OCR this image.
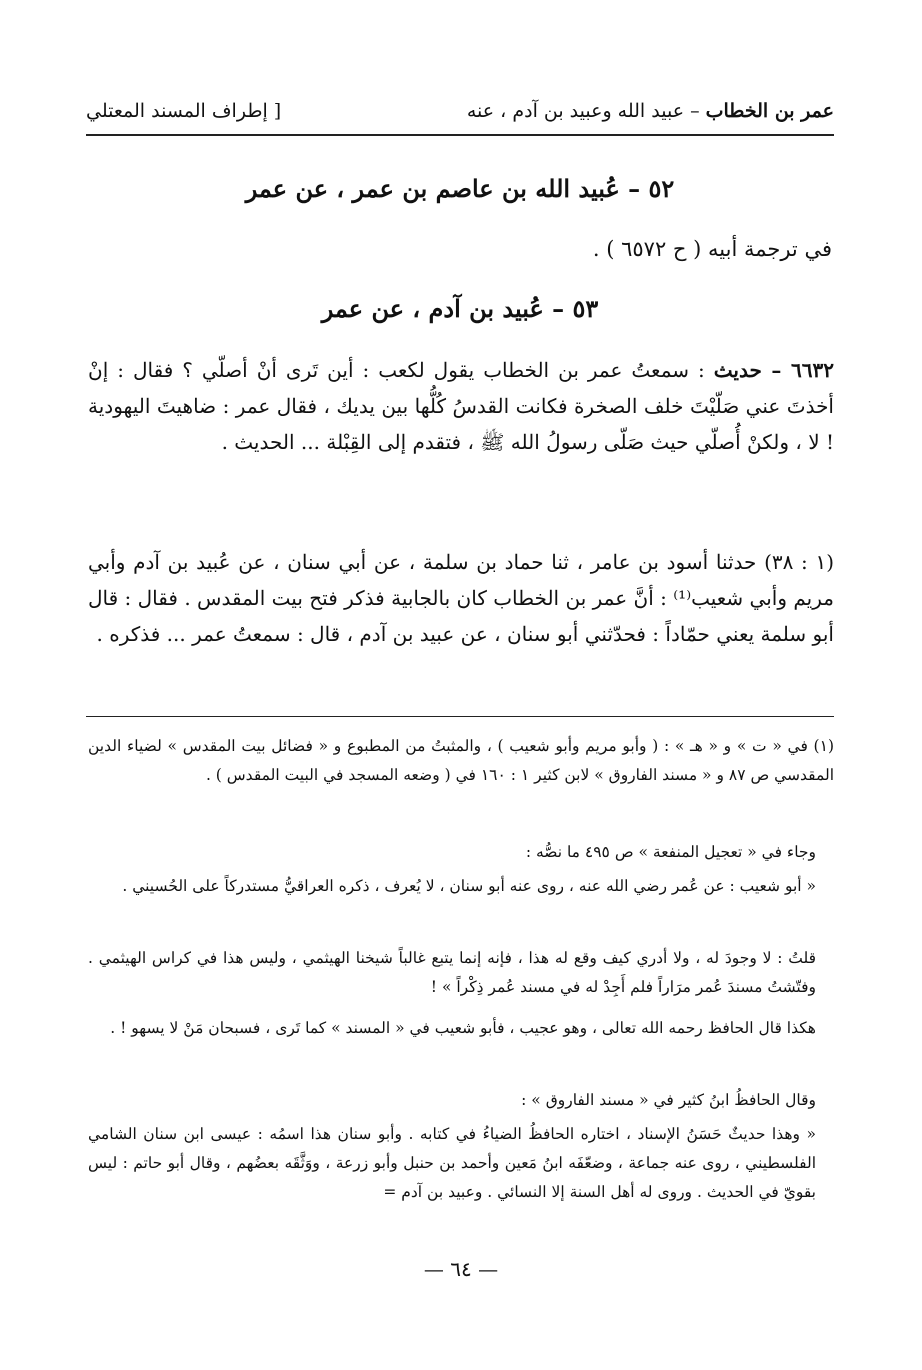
عمر بن الخطاب – عبيد الله وعبيد بن آدم ، عنه
[ إطراف المسند المعتلي
٥٢ – عُبيد الله بن عاصم بن عمر ، عن عمر
في ترجمة أبيه ( ح ٦٥٧٢ ) .
٥٣ – عُبيد بن آدم ، عن عمر
٦٦٣٢ – حديث : سمعتُ عمر بن الخطاب يقول لكعب : أين تَرى أنْ أصلّي ؟ فقال : إنْ أخذتَ عني صَلّيْتَ خلف الصخرة فكانت القدسُ كُلُّها بين يديك ، فقال عمر : ضاهيتَ اليهودية ! لا ، ولكنْ أُصلّي حيث صَلّى رسولُ الله ﷺ ، فتقدم إلى القِبْلة ... الحديث .
(١ : ٣٨) حدثنا أسود بن عامر ، ثنا حماد بن سلمة ، عن أبي سنان ، عن عُبيد بن آدم وأبي مريم وأبي شعيب⁽¹⁾ : أنَّ عمر بن الخطاب كان بالجابية فذكر فتح بيت المقدس . فقال : قال أبو سلمة يعني حمّاداً : فحدّثني أبو سنان ، عن عبيد بن آدم ، قال : سمعتُ عمر ... فذكره .
(١) في « ت » و « هـ » : ( وأبو مريم وأبو شعيب ) ، والمثبتُ من المطبوع و « فضائل بيت المقدس » لضياء الدين المقدسي ص ٨٧ و « مسند الفاروق » لابن كثير ١ : ١٦٠ في ( وضعه المسجد في البيت المقدس ) .
وجاء في « تعجيل المنفعة » ص ٤٩٥ ما نصُّه :
« أبو شعيب : عن عُمر رضي الله عنه ، روى عنه أبو سنان ، لا يُعرف ، ذكره العراقيُّ مستدركاً على الحُسيني .
قلتُ : لا وجودَ له ، ولا أدري كيف وقع له هذا ، فإنه إنما يتبع غالباً شيخنا الهيثمي ، وليس هذا في كراس الهيثمي . وفتّشتُ مسندَ عُمر مرَاراً فلم أَجِدْ له في مسند عُمر ذِكْراً » !
هكذا قال الحافظ رحمه الله تعالى ، وهو عجيب ، فأبو شعيب في « المسند » كما تَرى ، فسبحان مَنْ لا يسهو ! .
وقال الحافظُ ابنُ كثير في « مسند الفاروق » :
« وهذا حديثٌ حَسَنُ الإسناد ، اختاره الحافظُ الضياءُ في كتابه . وأبو سنان هذا اسمُه : عيسى ابن سنان الشامي الفلسطيني ، روى عنه جماعة ، وضعّفَه ابنُ مَعين وأحمد بن حنبل وأبو زرعة ، ووَثَّقَه بعضُهم ، وقال أبو حاتم : ليس بقويّ في الحديث . وروى له أهل السنة إلا النسائي . وعبيد بن آدم =
— ٦٤ —
